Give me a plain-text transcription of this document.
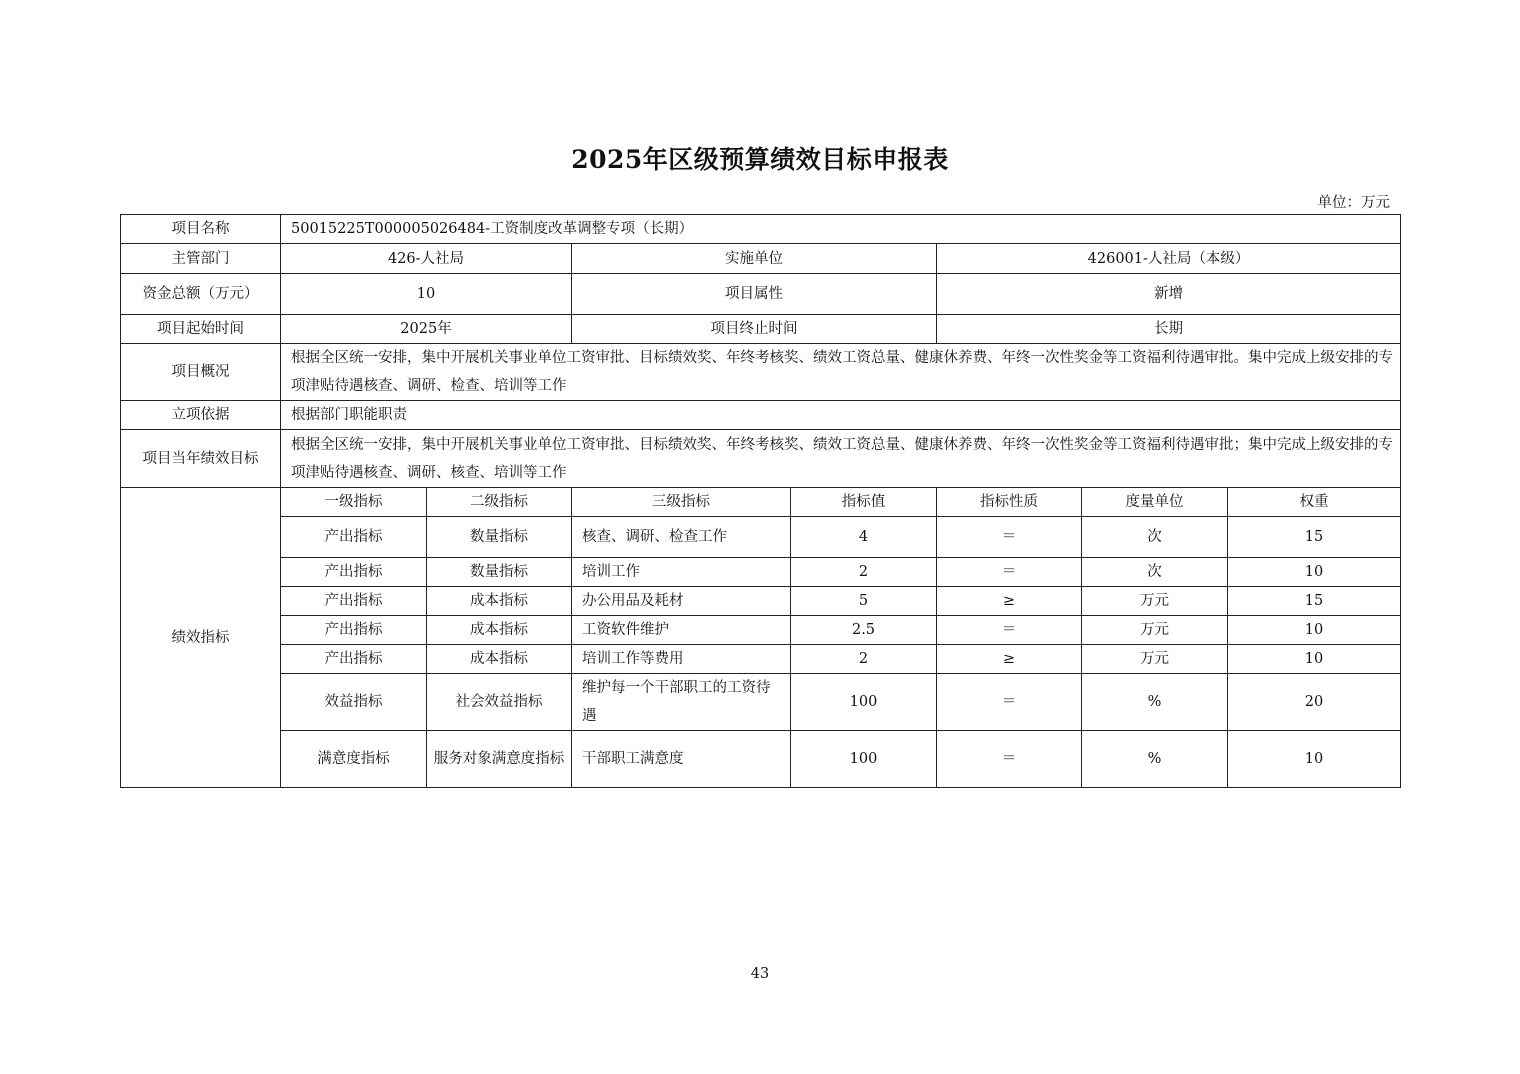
2025年区级预算绩效目标申报表
单位：万元
项目名称	50015225T000005026484-工资制度改革调整专项（长期）						
主管部门	426-人社局		实施单位		426001-人社局（本级）		
资金总额（万元）	10		项目属性		新增		
项目起始时间	2025年		项目终止时间		长期		
项目概况	根据全区统一安排，集中开展机关事业单位工资审批、目标绩效奖、年终考核奖、绩效工资总量、健康休养费、年终一次性奖金等工资福利待遇审批。集中完成上级安排的专项津贴待遇核查、调研、检查、培训等工作						
立项依据	根据部门职能职责						
项目当年绩效目标	根据全区统一安排，集中开展机关事业单位工资审批、目标绩效奖、年终考核奖、绩效工资总量、健康休养费、年终一次性奖金等工资福利待遇审批；集中完成上级安排的专项津贴待遇核查、调研、核查、培训等工作						
绩效指标	一级指标	二级指标	三级指标	指标值	指标性质	度量单位	权重
	产出指标	数量指标	核查、调研、检查工作	4	＝	次	15
	产出指标	数量指标	培训工作	2	＝	次	10
	产出指标	成本指标	办公用品及耗材	5	≥	万元	15
	产出指标	成本指标	工资软件维护	2.5	＝	万元	10
	产出指标	成本指标	培训工作等费用	2	≥	万元	10
	效益指标	社会效益指标	维护每一个干部职工的工资待遇	100	＝	%	20
	满意度指标	服务对象满意度指标	干部职工满意度	100	＝	%	10
43
